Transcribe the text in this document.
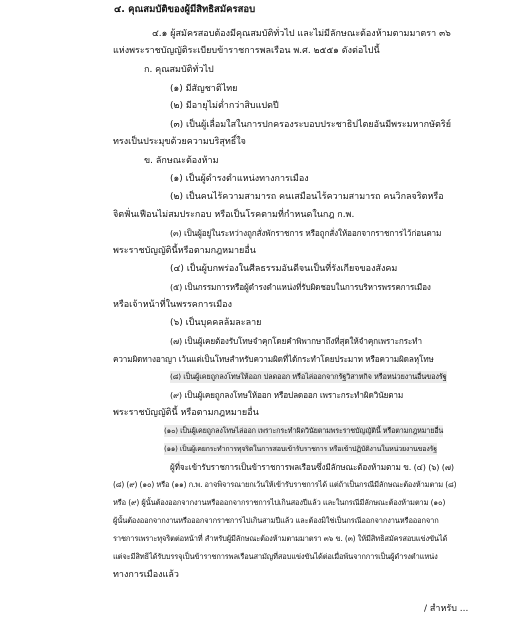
๔. คุณสมบัติของผู้มีสิทธิสมัครสอบ
๔.๑ ผู้สมัครสอบต้องมีคุณสมบัติทั่วไป และไม่มีลักษณะต้องห้ามตามมาตรา ๓๖
แห่งพระราชบัญญัติระเบียบข้าราชการพลเรือน พ.ศ. ๒๕๕๑ ดังต่อไปนี้
ก. คุณสมบัติทั่วไป
(๑) มีสัญชาติไทย
(๒) มีอายุไม่ต่ำกว่าสิบแปดปี
(๓) เป็นผู้เลื่อมใสในการปกครองระบอบประชาธิปไตยอันมีพระมหากษัตริย์
ทรงเป็นประมุขด้วยความบริสุทธิ์ใจ
ข. ลักษณะต้องห้าม
(๑) เป็นผู้ดำรงตำแหน่งทางการเมือง
(๒) เป็นคนไร้ความสามารถ คนเสมือนไร้ความสามารถ คนวิกลจริตหรือ
จิตฟั่นเฟือนไม่สมประกอบ หรือเป็นโรคตามที่กำหนดในกฎ ก.พ.
(๓) เป็นผู้อยู่ในระหว่างถูกสั่งพักราชการ หรือถูกสั่งให้ออกจากราชการไว้ก่อนตาม
พระราชบัญญัตินี้หรือตามกฎหมายอื่น
(๔) เป็นผู้บกพร่องในศีลธรรมอันดีจนเป็นที่รังเกียจของสังคม
(๕) เป็นกรรมการหรือผู้ดำรงตำแหน่งที่รับผิดชอบในการบริหารพรรคการเมือง
หรือเจ้าหน้าที่ในพรรคการเมือง
(๖) เป็นบุคคลล้มละลาย
(๗) เป็นผู้เคยต้องรับโทษจำคุกโดยคำพิพากษาถึงที่สุดให้จำคุกเพราะกระทำ
ความผิดทางอาญา เว้นแต่เป็นโทษสำหรับความผิดที่ได้กระทำโดยประมาท หรือความผิดลหุโทษ
(๘) เป็นผู้เคยถูกลงโทษให้ออก ปลดออก หรือไล่ออกจากรัฐวิสาหกิจ หรือหน่วยงานอื่นของรัฐ
(๙) เป็นผู้เคยถูกลงโทษให้ออก หรือปลดออก เพราะกระทำผิดวินัยตาม
พระราชบัญญัตินี้ หรือตามกฎหมายอื่น
(๑๐) เป็นผู้เคยถูกลงโทษไล่ออก เพราะกระทำผิดวินัยตามพระราชบัญญัตินี้ หรือตามกฎหมายอื่น
(๑๑) เป็นผู้เคยกระทำการทุจริตในการสอบเข้ารับราชการ หรือเข้าปฏิบัติงานในหน่วยงานของรัฐ
ผู้ที่จะเข้ารับราชการเป็นข้าราชการพลเรือนซึ่งมีลักษณะต้องห้ามตาม ข. (๔) (๖) (๗)
(๘) (๙) (๑๐) หรือ (๑๑) ก.พ. อาจพิจารณายกเว้นให้เข้ารับราชการได้ แต่ถ้าเป็นกรณีมีลักษณะต้องห้ามตาม (๘)
หรือ (๙) ผู้นั้นต้องออกจากงานหรือออกจากราชการไปเกินสองปีแล้ว และในกรณีมีลักษณะต้องห้ามตาม (๑๐)
ผู้นั้นต้องออกจากงานหรือออกจากราชการไปเกินสามปีแล้ว และต้องมิใช่เป็นกรณีออกจากงานหรือออกจาก
ราชการเพราะทุจริตต่อหน้าที่ สำหรับผู้มีลักษณะต้องห้ามตามมาตรา ๓๖ ข. (๓) ให้มีสิทธิสมัครสอบแข่งขันได้
แต่จะมีสิทธิได้รับบรรจุเป็นข้าราชการพลเรือนสามัญที่สอบแข่งขันได้ต่อเมื่อพ้นจากการเป็นผู้ดำรงตำแหน่ง
ทางการเมืองแล้ว
/ สำหรับ ...
